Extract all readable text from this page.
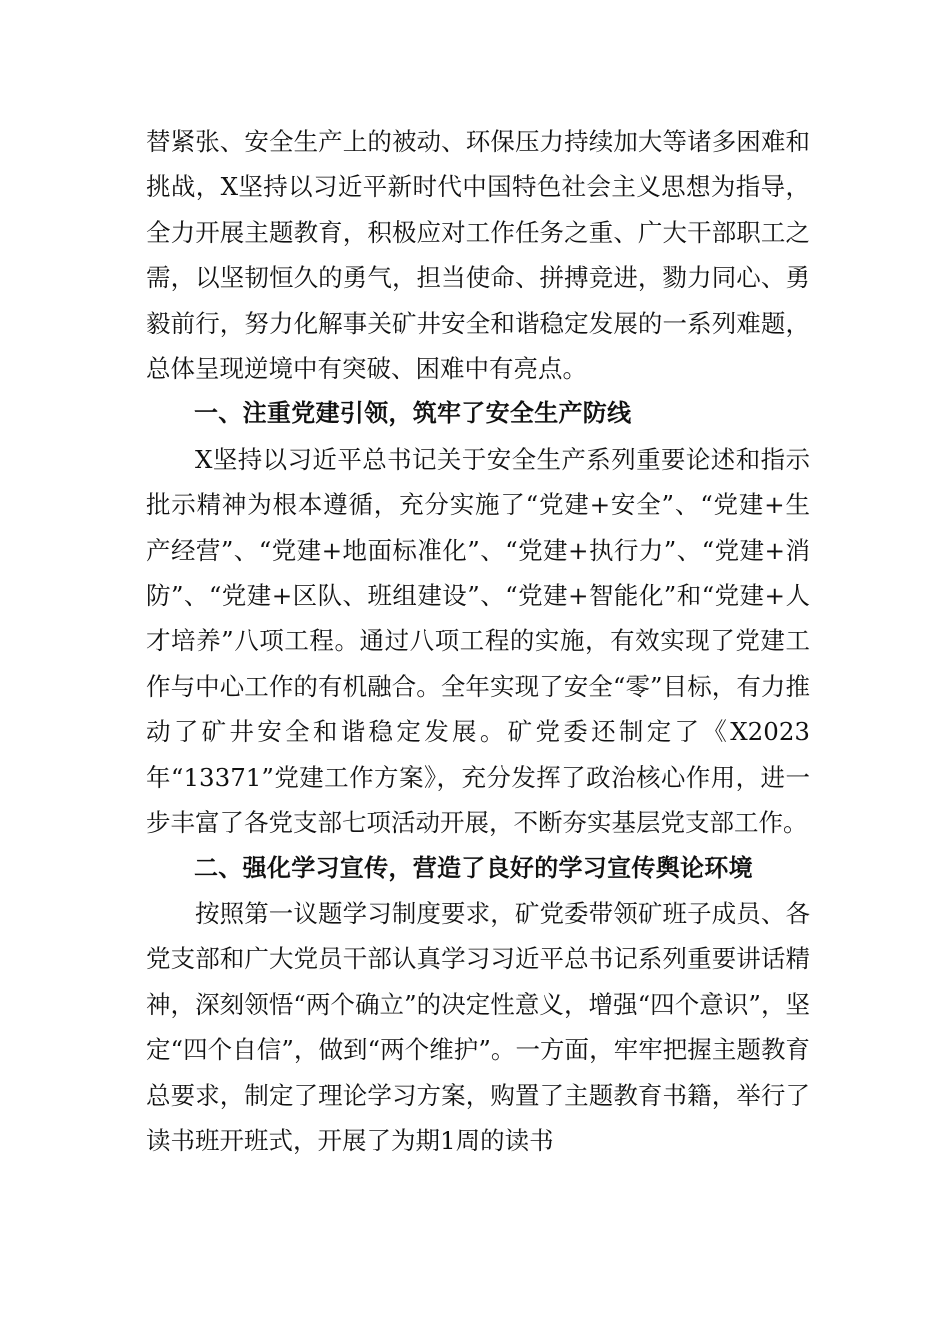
替紧张、安全生产上的被动、环保压力持续加大等诸多困难和挑战，X坚持以习近平新时代中国特色社会主义思想为指导，全力开展主题教育，积极应对工作任务之重、广大干部职工之需，以坚韧恒久的勇气，担当使命、拼搏竞进，勠力同心、勇毅前行，努力化解事关矿井安全和谐稳定发展的一系列难题，总体呈现逆境中有突破、困难中有亮点。

一、注重党建引领，筑牢了安全生产防线

X坚持以习近平总书记关于安全生产系列重要论述和指示批示精神为根本遵循，充分实施了“党建+安全”、“党建+生产经营”、“党建+地面标准化”、“党建+执行力”、“党建+消防”、“党建+区队、班组建设”、“党建+智能化”和“党建+人才培养”八项工程。通过八项工程的实施，有效实现了党建工作与中心工作的有机融合。全年实现了安全“零”目标，有力推动了矿井安全和谐稳定发展。矿党委还制定了《X2023年“13371”党建工作方案》，充分发挥了政治核心作用，进一步丰富了各党支部七项活动开展，不断夯实基层党支部工作。

二、强化学习宣传，营造了良好的学习宣传舆论环境

按照第一议题学习制度要求，矿党委带领矿班子成员、各党支部和广大党员干部认真学习习近平总书记系列重要讲话精神，深刻领悟“两个确立”的决定性意义，增强“四个意识”，坚定“四个自信”，做到“两个维护”。一方面，牢牢把握主题教育总要求，制定了理论学习方案，购置了主题教育书籍，举行了读书班开班式，开展了为期1周的读书
